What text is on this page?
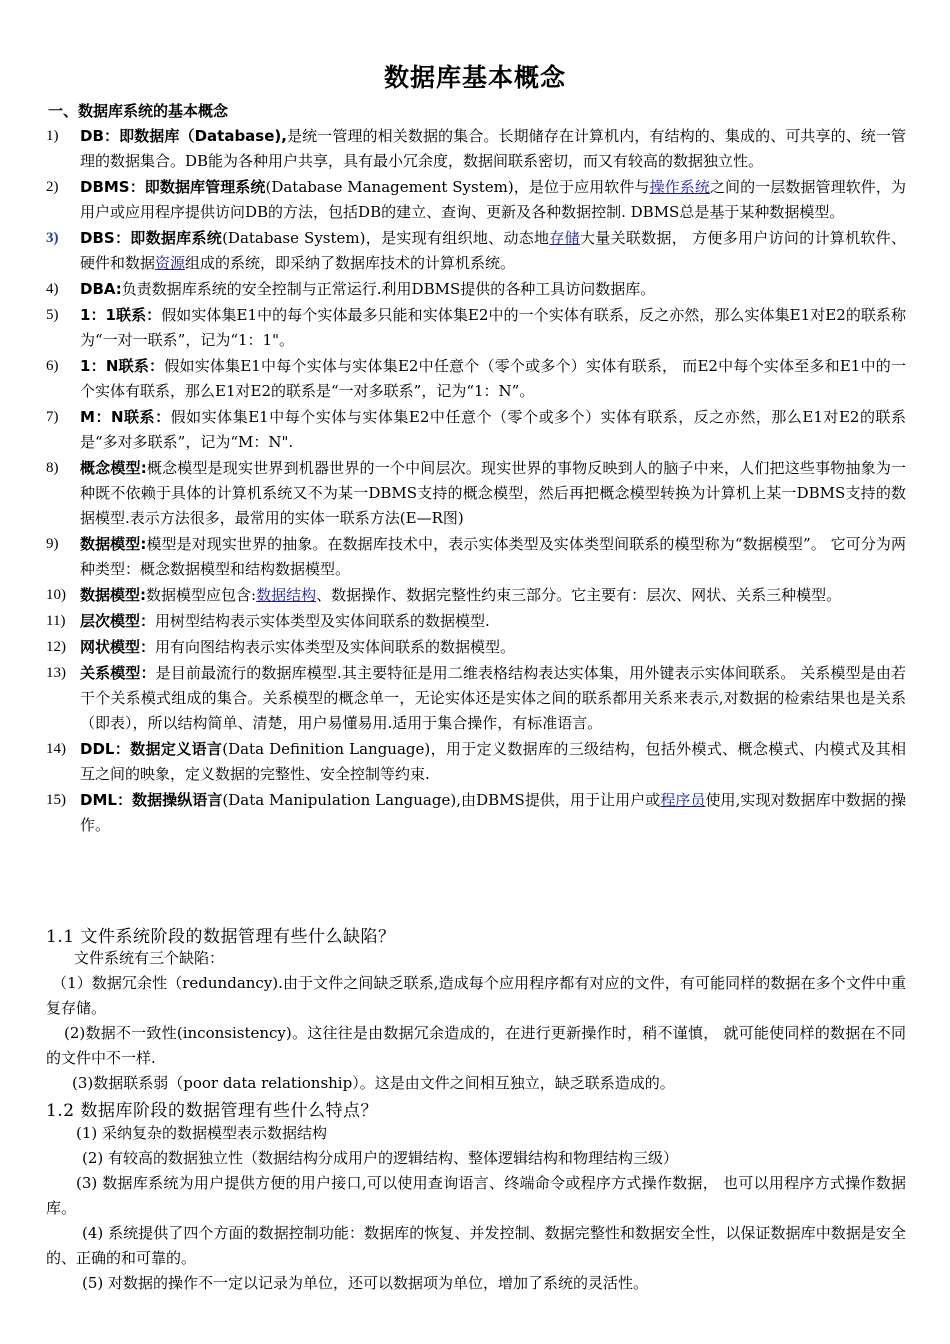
数据库基本概念
一、数据库系统的基本概念
1) DB：即数据库（Database),是统一管理的相关数据的集合。长期储存在计算机内，有结构的、集成的、可共享的、统一管理的数据集合。DB能为各种用户共享，具有最小冗余度，数据间联系密切，而又有较高的数据独立性。
2) DBMS：即数据库管理系统(Database Management System)，是位于应用软件与操作系统之间的一层数据管理软件，为用户或应用程序提供访问DB的方法，包括DB的建立、查询、更新及各种数据控制. DBMS总是基于某种数据模型。
3) DBS：即数据库系统(Database System)，是实现有组织地、动态地存储大量关联数据， 方便多用户访问的计算机软件、硬件和数据资源组成的系统，即采纳了数据库技术的计算机系统。
4) DBA:负责数据库系统的安全控制与正常运行.利用DBMS提供的各种工具访问数据库。
5) 1：1联系：假如实体集E1中的每个实体最多只能和实体集E2中的一个实体有联系，反之亦然，那么实体集E1对E2的联系称为“一对一联系”，记为“1：1"。
6) 1：N联系：假如实体集E1中每个实体与实体集E2中任意个（零个或多个）实体有联系， 而E2中每个实体至多和E1中的一个实体有联系，那么E1对E2的联系是“一对多联系”，记为“1：N”。
7) M：N联系：假如实体集E1中每个实体与实体集E2中任意个（零个或多个）实体有联系，反之亦然，那么E1对E2的联系是“多对多联系”，记为“M：N".
8) 概念模型:概念模型是现实世界到机器世界的一个中间层次。现实世界的事物反映到人的脑子中来，人们把这些事物抽象为一种既不依赖于具体的计算机系统又不为某一DBMS支持的概念模型，然后再把概念模型转换为计算机上某一DBMS支持的数据模型.表示方法很多，最常用的实体一联系方法(E—R图)
9) 数据模型:模型是对现实世界的抽象。在数据库技术中，表示实体类型及实体类型间联系的模型称为“数据模型”。 它可分为两种类型：概念数据模型和结构数据模型。
10) 数据模型:数据模型应包含:数据结构、数据操作、数据完整性约束三部分。它主要有：层次、网状、关系三种模型。
11) 层次模型：用树型结构表示实体类型及实体间联系的数据模型.
12) 网状模型：用有向图结构表示实体类型及实体间联系的数据模型。
13) 关系模型：是目前最流行的数据库模型.其主要特征是用二维表格结构表达实体集，用外键表示实体间联系。 关系模型是由若干个关系模式组成的集合。关系模型的概念单一，无论实体还是实体之间的联系都用关系来表示,对数据的检索结果也是关系（即表），所以结构简单、清楚，用户易懂易用.适用于集合操作，有标准语言。
14) DDL：数据定义语言(Data Definition Language)，用于定义数据库的三级结构，包括外模式、概念模式、内模式及其相互之间的映象，定义数据的完整性、安全控制等约束.
15) DML：数据操纵语言(Data Manipulation Language),由DBMS提供，用于让用户或程序员使用,实现对数据库中数据的操作。
1.1 文件系统阶段的数据管理有些什么缺陷？
文件系统有三个缺陷：
（1）数据冗余性（redundancy).由于文件之间缺乏联系,造成每个应用程序都有对应的文件，有可能同样的数据在多个文件中重复存储。
(2)数据不一致性(inconsistency)。这往往是由数据冗余造成的，在进行更新操作时，稍不谨慎， 就可能使同样的数据在不同的文件中不一样.
(3)数据联系弱（poor data relationship）。这是由文件之间相互独立，缺乏联系造成的。
1.2 数据库阶段的数据管理有些什么特点？
(1) 采纳复杂的数据模型表示数据结构
(2) 有较高的数据独立性（数据结构分成用户的逻辑结构、整体逻辑结构和物理结构三级）
(3) 数据库系统为用户提供方便的用户接口,可以使用查询语言、终端命令或程序方式操作数据， 也可以用程序方式操作数据库。
(4) 系统提供了四个方面的数据控制功能：数据库的恢复、并发控制、数据完整性和数据安全性，以保证数据库中数据是安全的、正确的和可靠的。
(5) 对数据的操作不一定以记录为单位，还可以数据项为单位，增加了系统的灵活性。
